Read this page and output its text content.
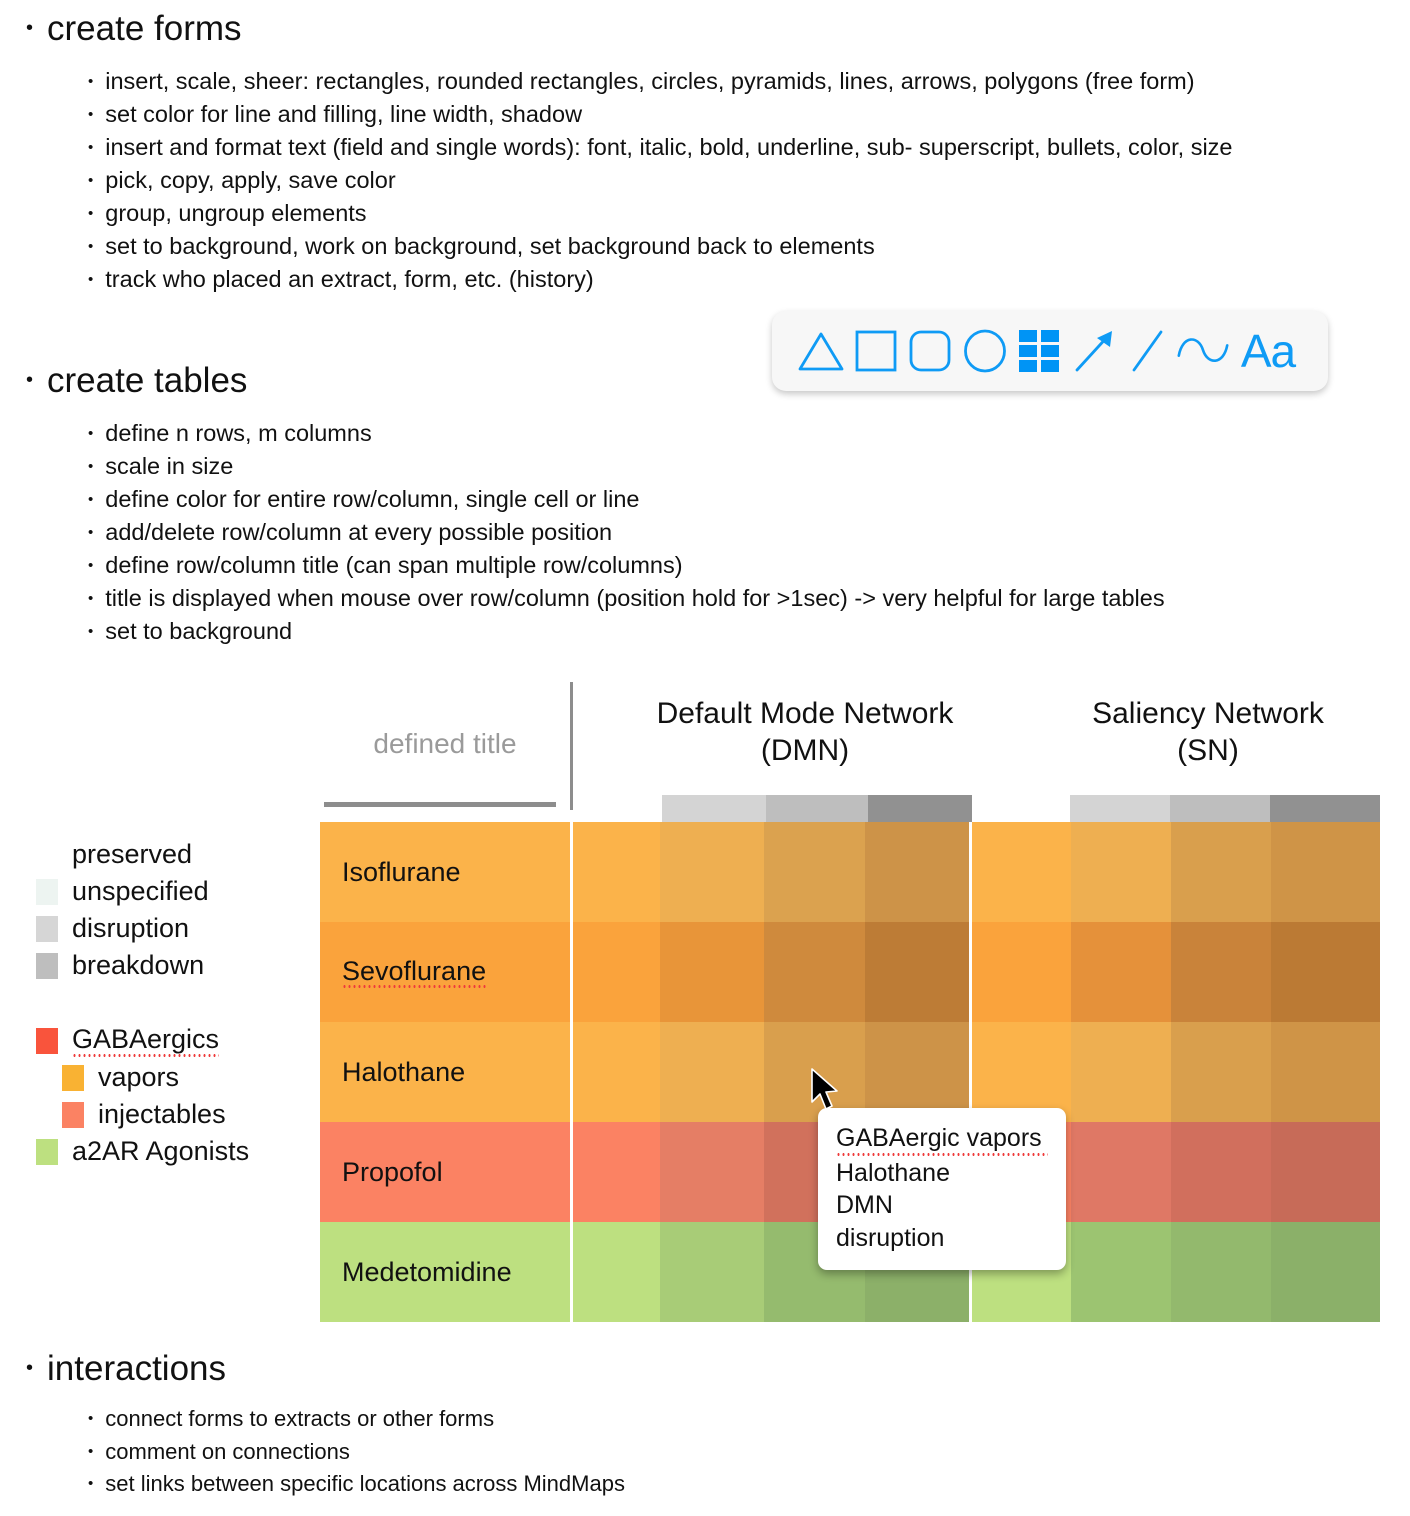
• create forms
• insert, scale, sheer: rectangles, rounded rectangles, circles, pyramids, lines, arrows, polygons (free form)
• set color for line and filling, line width, shadow
• insert and format text (field and single words): font, italic, bold, underline, sub- superscript, bullets, color, size
• pick, copy, apply, save color
• group, ungroup elements
• set to background, work on background, set background back to elements
• track who placed an extract, form, etc. (history)
Aa
• create tables
• define n rows, m columns
• scale in size
• define color for entire row/column, single cell or line
• add/delete row/column at every possible position
• define row/column title (can span multiple row/columns)
• title is displayed when mouse over row/column (position hold for >1sec) -> very helpful for large tables
• set to background
preserved
unspecified
disruption
breakdown
GABAergics
vapors
injectables
a2AR Agonists
defined title
Default Mode Network
(DMN)
Saliency Network
(SN)
Isoflurane
Sevoflurane
Halothane
Propofol
Medetomidine
GABAergic vapors
Halothane
DMN
disruption
• interactions
• connect forms to extracts or other forms
• comment on connections
• set links between specific locations across MindMaps
